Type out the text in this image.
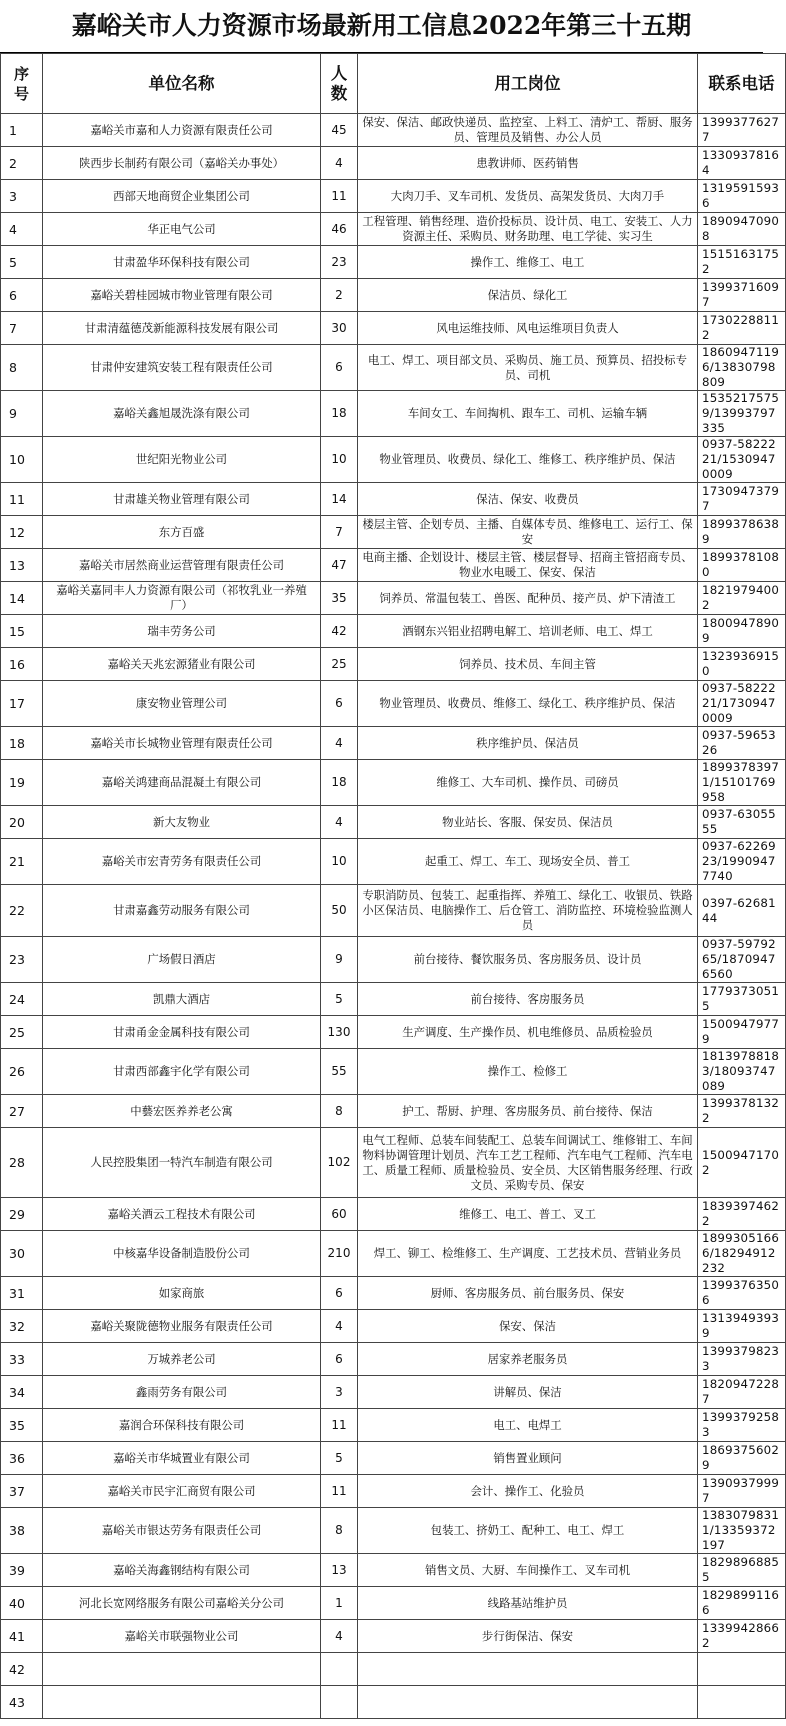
嘉峪关市人力资源市场最新用工信息2022年第三十五期
序号	单位名称	人数	用工岗位	联系电话
1	嘉峪关市嘉和人力资源有限责任公司	45	保安、保洁、邮政快递员、监控室、上料工、清炉工、帮厨、服务员、管理员及销售、办公人员	13993776277
2	陕西步长制药有限公司（嘉峪关办事处）	4	患教讲师、医药销售	13309378164
3	西部天地商贸企业集团公司	11	大肉刀手、叉车司机、发货员、高架发货员、大肉刀手	13195915936
4	华正电气公司	46	工程管理、销售经理、造价投标员、设计员、电工、安装工、人力资源主任、采购员、财务助理、电工学徒、实习生	18909470908
5	甘肃盈华环保科技有限公司	23	操作工、维修工、电工	15151631752
6	嘉峪关碧桂园城市物业管理有限公司	2	保洁员、绿化工	13993716097
7	甘肃清蕴德茂新能源科技发展有限公司	30	风电运维技师、风电运维项目负责人	17302288112
8	甘肃仲安建筑安装工程有限责任公司	6	电工、焊工、项目部文员、采购员、施工员、预算员、招投标专员、司机	18609471196/13830798809
9	嘉峪关鑫旭晟洗涤有限公司	18	车间女工、车间掏机、跟车工、司机、运输车辆	15352175759/13993797335
10	世纪阳光物业公司	10	物业管理员、收费员、绿化工、维修工、秩序维护员、保洁	0937-5822221/15309470009
11	甘肃雄关物业管理有限公司	14	保洁、保安、收费员	17309473797
12	东方百盛	7	楼层主管、企划专员、主播、自媒体专员、维修电工、运行工、保安	18993786389
13	嘉峪关市居然商业运营管理有限责任公司	47	电商主播、企划设计、楼层主管、楼层督导、招商主管招商专员、物业水电暖工、保安、保洁	18993781080
14	嘉峪关嘉同丰人力资源有限公司（祁牧乳业一养殖厂）	35	饲养员、常温包装工、兽医、配种员、接产员、炉下清渣工	18219794002
15	瑞丰劳务公司	42	酒钢东兴铝业招聘电解工、培训老师、电工、焊工	18009478909
16	嘉峪关天兆宏源猪业有限公司	25	饲养员、技术员、车间主管	13239369150
17	康安物业管理公司	6	物业管理员、收费员、维修工、绿化工、秩序维护员、保洁	0937-5822221/17309470009
18	嘉峪关市长城物业管理有限责任公司	4	秩序维护员、保洁员	0937-5965326
19	嘉峪关鸿建商品混凝土有限公司	18	维修工、大车司机、操作员、司磅员	18993783971/15101769958
20	新大友物业	4	物业站长、客服、保安员、保洁员	0937-6305555
21	嘉峪关市宏青劳务有限责任公司	10	起重工、焊工、车工、现场安全员、普工	0937-6226923/19909477740
22	甘肃嘉鑫劳动服务有限公司	50	专职消防员、包装工、起重指挥、养殖工、绿化工、收银员、铁路小区保洁员、电脑操作工、后仓管工、消防监控、环境检验监测人员	0397-6268144
23	广场假日酒店	9	前台接待、餐饮服务员、客房服务员、设计员	0937-5979265/18709476560
24	凯鼎大酒店	5	前台接待、客房服务员	17793730515
25	甘肃甬金金属科技有限公司	130	生产调度、生产操作员、机电维修员、品质检验员	15009479779
26	甘肃西部鑫宇化学有限公司	55	操作工、检修工	18139788183/18093747089
27	中藝宏医养养老公寓	8	护工、帮厨、护理、客房服务员、前台接待、保洁	13993781322
28	人民控股集团一特汽车制造有限公司	102	电气工程师、总装车间装配工、总装车间调试工、维修钳工、车间物料协调管理计划员、汽车工艺工程师、汽车电气工程师、汽车电工、质量工程师、质量检验员、安全员、大区销售服务经理、行政文员、采购专员、保安	15009471702
29	嘉峪关酒云工程技术有限公司	60	维修工、电工、普工、叉工	18393974622
30	中核嘉华设备制造股份公司	210	焊工、铆工、检维修工、生产调度、工艺技术员、营销业务员	18993051666/18294912232
31	如家商旅	6	厨师、客房服务员、前台服务员、保安	13993763506
32	嘉峪关聚陇德物业服务有限责任公司	4	保安、保洁	13139493939
33	万城养老公司	6	居家养老服务员	13993798233
34	鑫雨劳务有限公司	3	讲解员、保洁	18209472287
35	嘉润合环保科技有限公司	11	电工、电焊工	13993792583
36	嘉峪关市华城置业有限公司	5	销售置业顾问	18693756029
37	嘉峪关市民宇汇商贸有限公司	11	会计、操作工、化验员	13909379997
38	嘉峪关市银达劳务有限责任公司	8	包装工、挤奶工、配种工、电工、焊工	13830798311/13359372197
39	嘉峪关海鑫钢结构有限公司	13	销售文员、大厨、车间操作工、叉车司机	18298968855
40	河北长宽网络服务有限公司嘉峪关分公司	1	线路基站维护员	18298991166
41	嘉峪关市联强物业公司	4	步行街保洁、保安	13399428662
42				
43				
